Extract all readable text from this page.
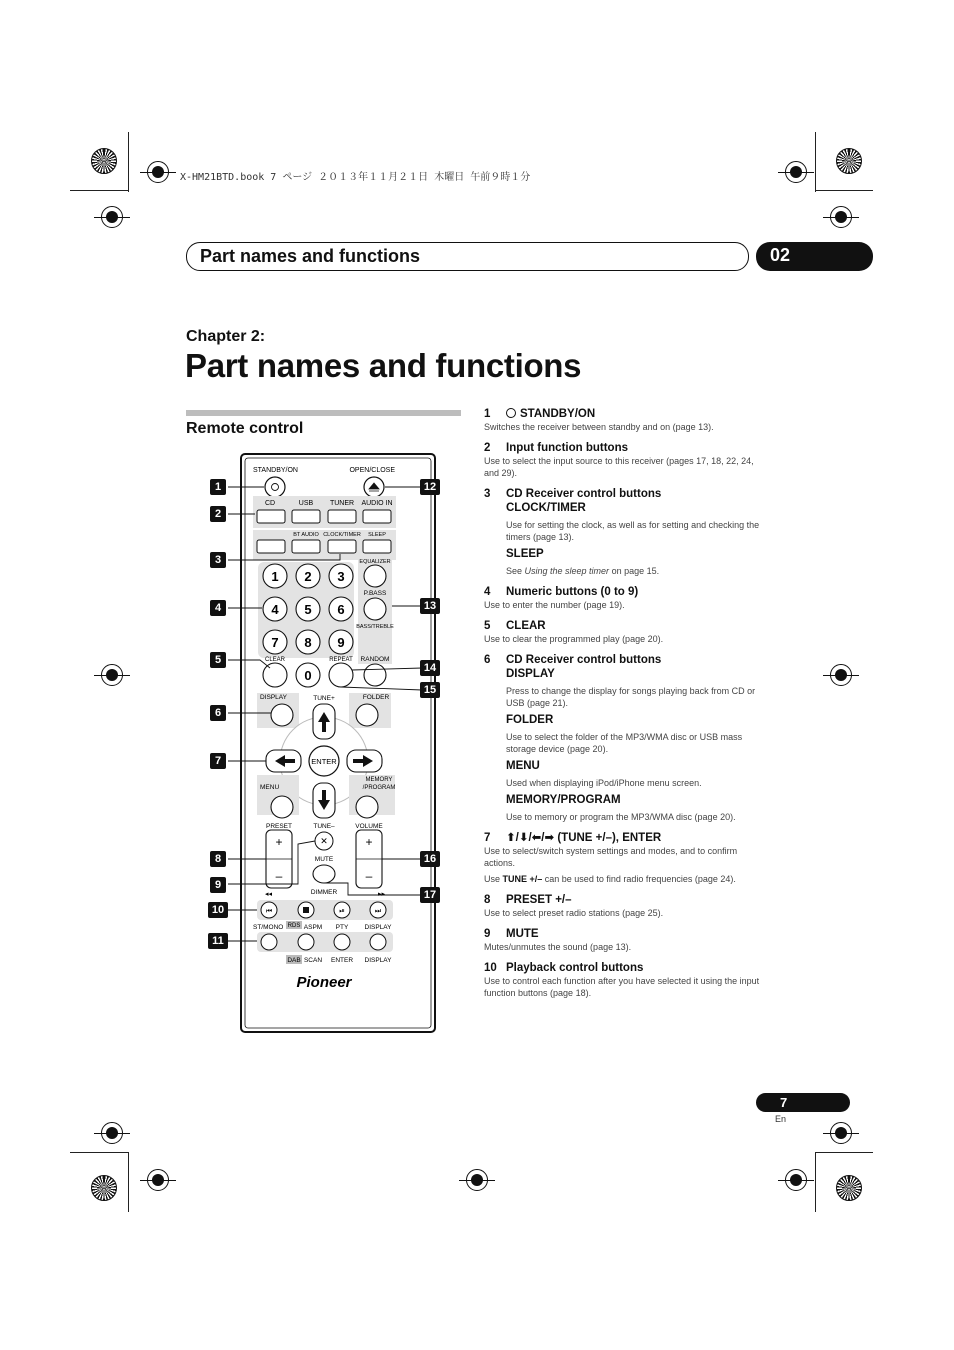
X-HM21BTD.book 7 ページ ２０１３年１１月２１日 木曜日 午前９時１分
Part names and functions	02
Chapter 2:
Part names and functions
Remote control
STANDBY/ON	OPEN/CLOSE
CD	USB TUNER AUDIO IN
BT AUDIO CLOCK/TIMER SLEEP
1 2 3
4 5 6
7 8 9
EQUALIZER
P.BASS
BASS/TREBLE
CLEAR
0
REPEAT RANDOM
DISPLAY	TUNE+	FOLDER
ENTER
MENU
MEMORY
/PROGRAM
PRESET
+
–
TUNE–
✕
MUTE
VOLUME
+
–
DIMMER
◂◂	▸▸
⏮	⏯	⏭
ST/MONO RDS ASPM PTY DISPLAY
DAB SCAN ENTER DISPLAY
Pioneer
1
2
3
4
5
6
7
8
9
10
11
12
13
14
15
16
17
1	STANDBY/ON
Switches the receiver between standby and on (page 13).
2	Input function buttons
Use to select the input source to this receiver (pages 17, 18, 22, 24, and 29).
3	CD Receiver control buttons
CLOCK/TIMER
Use for setting the clock, as well as for setting and checking the timers (page 13).
SLEEP
See Using the sleep timer on page 15.
4	Numeric buttons (0 to 9)
Use to enter the number (page 19).
5	CLEAR
Use to clear the programmed play (page 20).
6	CD Receiver control buttons
DISPLAY
Press to change the display for songs playing back from CD or USB (page 21).
FOLDER
Use to select the folder of the MP3/WMA disc or USB mass storage device (page 20).
MENU
Used when displaying iPod/iPhone menu screen.
MEMORY/PROGRAM
Use to memory or program the MP3/WMA disc (page 20).
7	⬆/⬇/⬅/➡ (TUNE +/–), ENTER
Use to select/switch system settings and modes, and to confirm actions.
Use TUNE +/– can be used to find radio frequencies (page 24).
8	PRESET +/–
Use to select preset radio stations (page 25).
9	MUTE
Mutes/unmutes the sound (page 13).
10 Playback control buttons
Use to control each function after you have selected it using the input function buttons (page 18).
7
En
